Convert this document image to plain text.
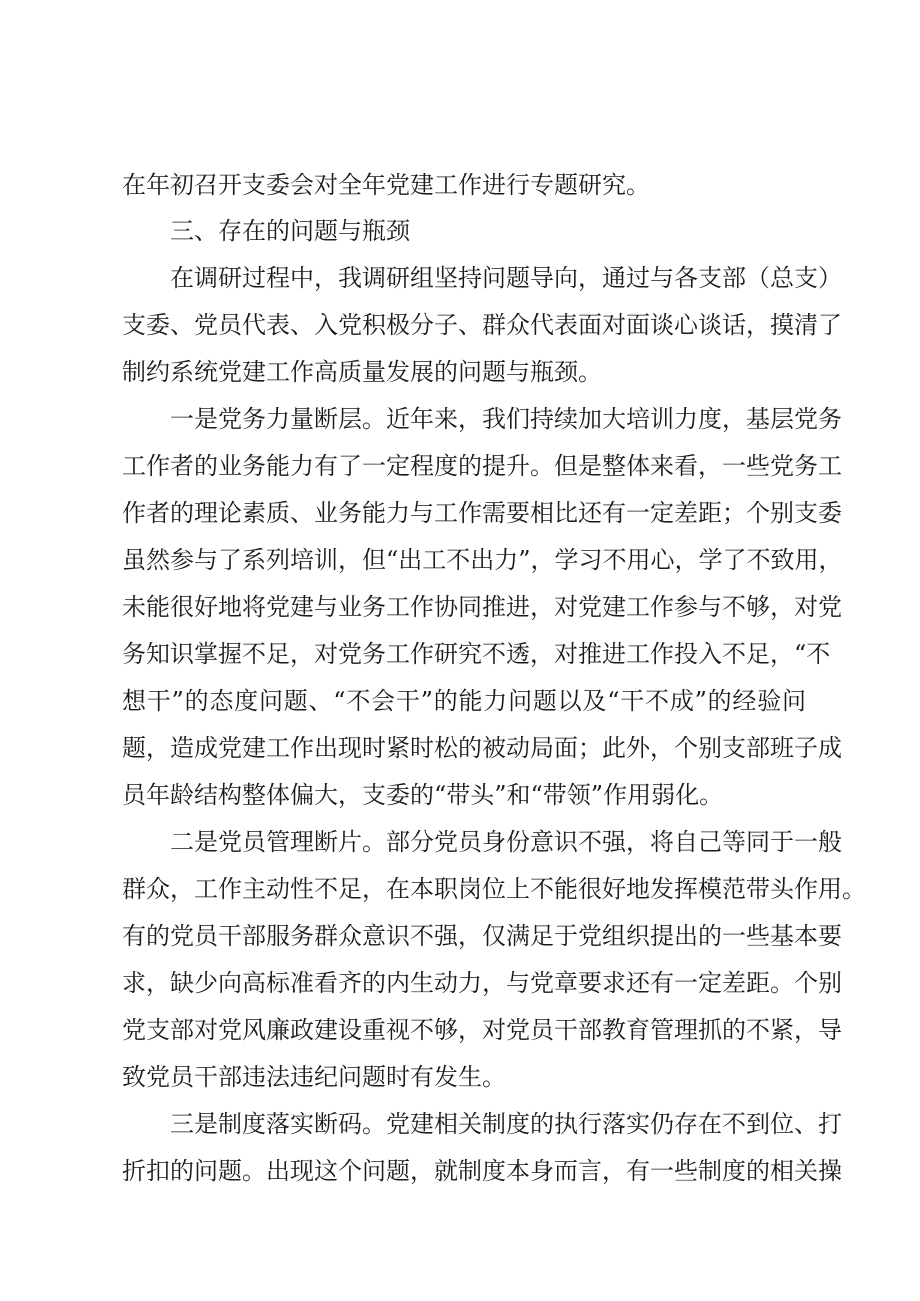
在年初召开支委会对全年党建工作进行专题研究。
三、存在的问题与瓶颈
在调研过程中，我调研组坚持问题导向，通过与各支部（总支）
支委、党员代表、入党积极分子、群众代表面对面谈心谈话，摸清了
制约系统党建工作高质量发展的问题与瓶颈。
一是党务力量断层。近年来，我们持续加大培训力度，基层党务
工作者的业务能力有了一定程度的提升。但是整体来看，一些党务工
作者的理论素质、业务能力与工作需要相比还有一定差距；个别支委
虽然参与了系列培训，但“出工不出力”，学习不用心，学了不致用，
未能很好地将党建与业务工作协同推进，对党建工作参与不够，对党
务知识掌握不足，对党务工作研究不透，对推进工作投入不足，“不
想干”的态度问题、“不会干”的能力问题以及“干不成”的经验问
题，造成党建工作出现时紧时松的被动局面；此外，个别支部班子成
员年龄结构整体偏大，支委的“带头”和“带领”作用弱化。
二是党员管理断片。部分党员身份意识不强，将自己等同于一般
群众，工作主动性不足，在本职岗位上不能很好地发挥模范带头作用。
有的党员干部服务群众意识不强，仅满足于党组织提出的一些基本要
求，缺少向高标准看齐的内生动力，与党章要求还有一定差距。个别
党支部对党风廉政建设重视不够，对党员干部教育管理抓的不紧，导
致党员干部违法违纪问题时有发生。
三是制度落实断码。党建相关制度的执行落实仍存在不到位、打
折扣的问题。出现这个问题，就制度本身而言，有一些制度的相关操
